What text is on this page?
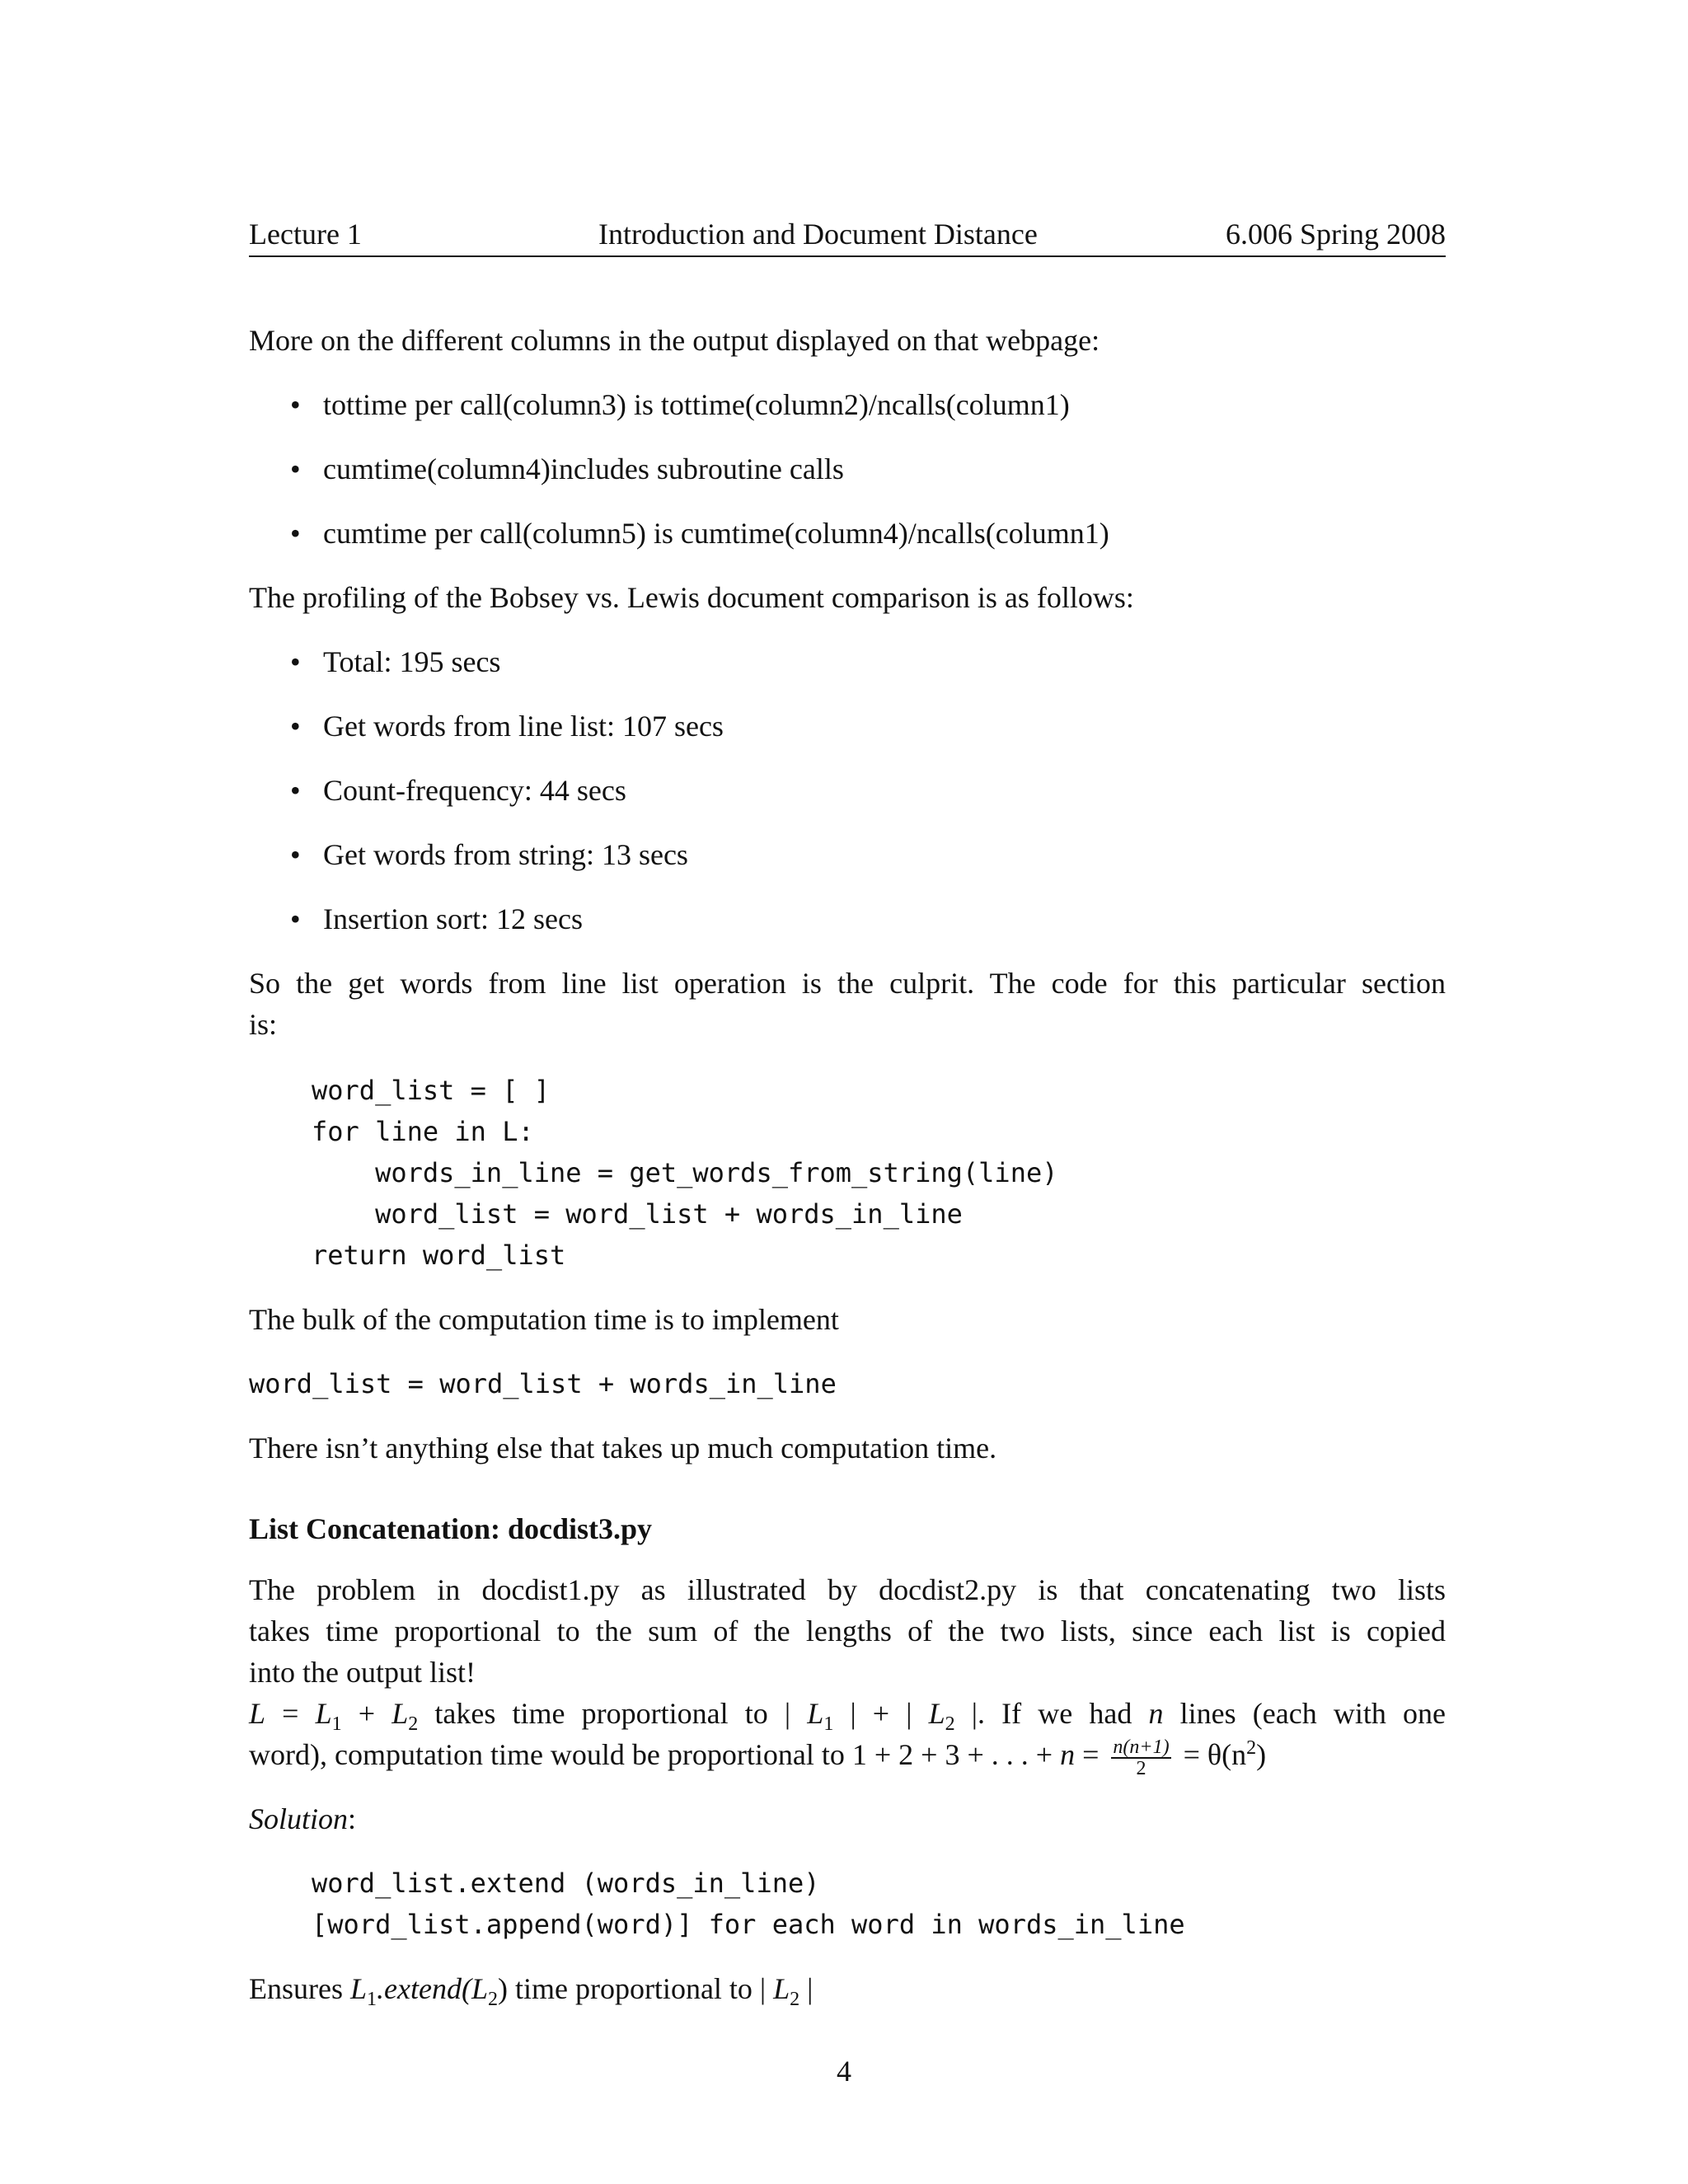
Lecture 1	Introduction and Document Distance	6.006 Spring 2008
More on the different columns in the output displayed on that webpage:
• tottime per call(column3) is tottime(column2)/ncalls(column1)
• cumtime(column4)includes subroutine calls
• cumtime per call(column5) is cumtime(column4)/ncalls(column1)
The profiling of the Bobsey vs. Lewis document comparison is as follows:
• Total: 195 secs
• Get words from line list: 107 secs
• Count-frequency: 44 secs
• Get words from string: 13 secs
• Insertion sort: 12 secs
So the get words from line list operation is the culprit. The code for this particular section
is:
word_list = [ ]
for line in L:
words_in_line = get_words_from_string(line)
word_list = word_list + words_in_line
return word_list
The bulk of the computation time is to implement
word_list = word_list + words_in_line
There isn’t anything else that takes up much computation time.
List Concatenation: docdist3.py
The problem in docdist1.py as illustrated by docdist2.py is that concatenating two lists
takes time proportional to the sum of the lengths of the two lists, since each list is copied
into the output list!
$L = L_1 + L_2$ takes time proportional to | $L_1$ | + | $L_2$ |. If we had n lines (each with one
word), computation time would be proportional to 1 + 2 + 3 + . . . + $n = \frac{n(n+1)}{2} = \theta(n^2)$
Solution:
word_list.extend (words_in_line)
[word_list.append(word)] for each word in words_in_line
Ensures $L_1.extend(L_2)$ time proportional to | $L_2$ |
4
